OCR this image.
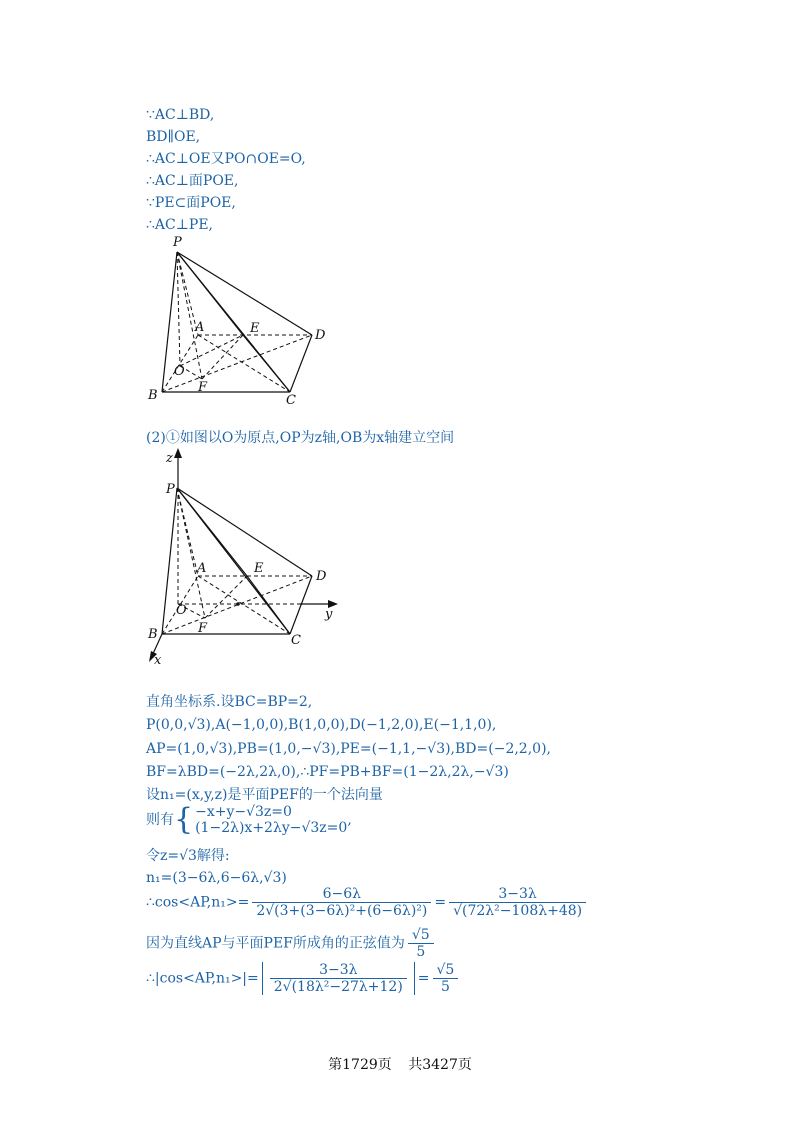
∵AC⊥BD,
BD∥OE,
∴AC⊥OE又PO∩OE=O,
∴AC⊥面POE,
∵PE⊂面POE,
∴AC⊥PE,
P
A	E	D
O
F
B	C
(2)①如图以O为原点,OP为z轴,OB为x轴建立空间
z
P
A	E
D
O	y
F
B	C
x
直角坐标系.设BC=BP=2,
P(0,0,√3),A(−1,0,0),B(1,0,0),D(−1,2,0),E(−1,1,0),
AP=(1,0,√3),PB=(1,0,−√3),PE=(−1,1,−√3),BD=(−2,2,0),
BF=λBD=(−2λ,2λ,0),∴PF=PB+BF=(1−2λ,2λ,−√3)
设n₁=(x,y,z)是平面PEF的一个法向量
则有{ −x+y−√3z=0
(1−2λ)x+2λy−√3z=0 ,
令z=√3解得:
n₁=(3−6λ,6−6λ,√3)
∴cos<AP,n₁>= $\frac{6-6\lambda}{\text{2√(3+(3−6λ)²+(6−6λ)²)}} = \frac{3-3\lambda}{\text{√(72λ²−108λ+48)}}$
因为直线AP与平面PEF所成角的正弦值为 $\frac{√5}{5}$
∴|cos<AP,n₁>|= $\frac{3-3\lambda}{\text{2√(18λ²−27λ+12)}} = \frac{√5}{5}$
第1729页 共3427页
